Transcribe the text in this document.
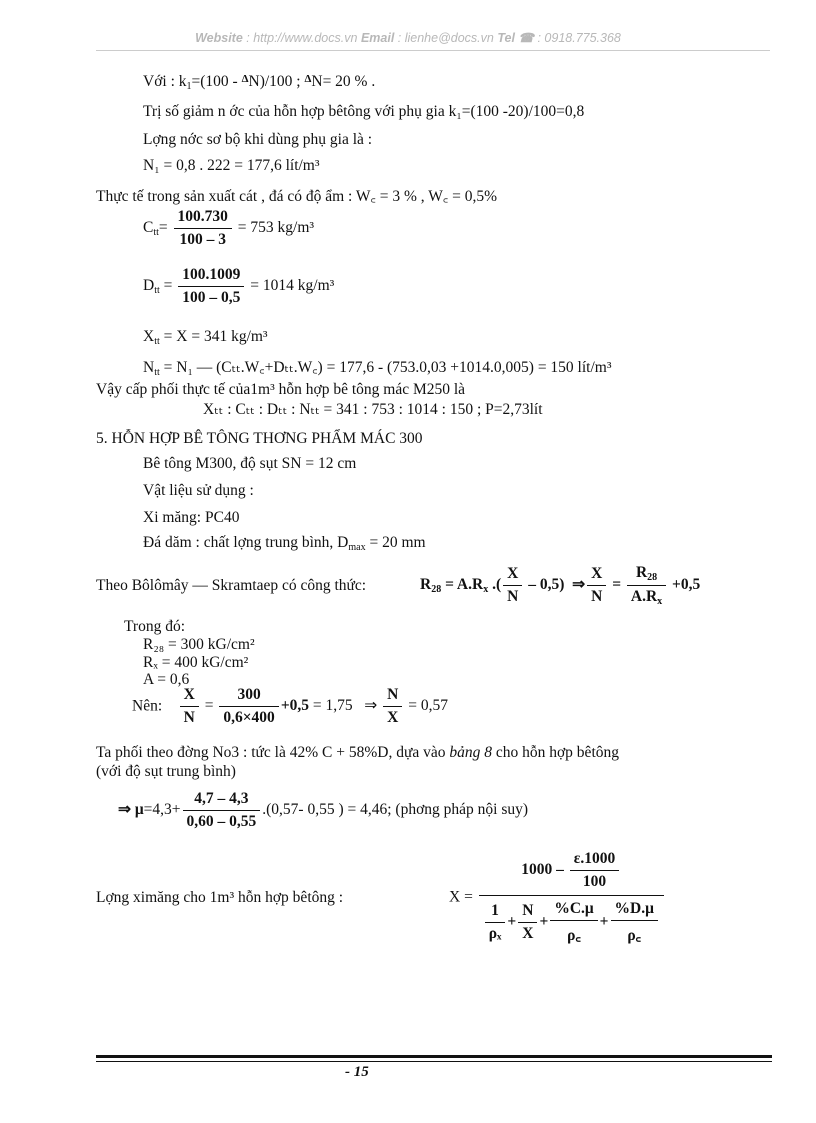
Website : http://www.docs.vn Email : lienhe@docs.vn Tel ☎ : 0918.775.368
Với : $k_1=(100 - ^\Delta N)/100$ ; $^\Delta$N= 20 % .
Trị số giảm n ớc của hỗn hợp bêtông với phụ gia k₁=(100 -20)/100=0,8
Lợng nớc sơ bộ khi dùng phụ gia là :
N₁ = 0,8 . 222 = 177,6 lít/m³
Thực tế trong sản xuất cát , đá có độ ẩm : W꜀ = 3 % , W꜀ = 0,5%
$C_{tt}= \frac{100.730}{100 - 3} = 753$ kg/m³
$D_{tt} = \frac{100.1009}{100 - 0,5} = 1014$ kg/m³
$X_{tt} = X = 341$ kg/m³
$N_{tt} = N_1$ — (Cₜₜ.W꜀+Dₜₜ.W꜀) = 177,6 - (753.0,03 +1014.0,005) = 150 lít/m³
Vậy cấp phối thực tế của1m³ hỗn hợp bê tông mác M250 là
Xₜₜ : Cₜₜ : Dₜₜ : Nₜₜ = 341 : 753 : 1014 : 150 ; P=2,73lít
5. HỖN HỢP BÊ TÔNG THƠNG PHẨM MÁC 300
Bê tông M300, độ sụt SN = 12 cm
Vật liệu sử dụng :
Xi măng: PC40
Đá dăm : chất lợng trung bình, $D_{max} = 20$ mm
Theo Bôlômây — Skramtaep có công thức:	$R_{28} = A.R_x$ .( $\frac{X}{N} - 0,5$)  ⇒ $\frac{X}{N} = \frac{R_{28}}{A.R_x} +0,5$
Trong đó:
R₂₈ = 300 kG/cm²
Rₓ = 400 kG/cm²
A = 0,6
Nên: $\frac{X}{N} = \frac{300}{0,6\times 400} +0,5 = 1,75$   ⇒ $\frac{N}{X} = 0,57$
Ta phối theo đờng No3 : tức là 42% C + 58%D, dựa vào bảng 8 cho hỗn hợp bêtông
(với độ sụt trung bình)
⇒ $\mu=4,3+ \frac{4,7 - 4,3}{0,60 - 0,55} .(0,57-$ 0,55 ) = 4,46; (phơng pháp nội suy)
Lợng ximăng cho 1m³ hỗn hợp bêtông :	$X = \frac{1000 - \frac{\varepsilon.1000}{100}}{\frac{1}{\text{ρₓ}} + \frac{N}{X} + \frac{\%C.\mu}{\rho꜀} + \frac{\%D.\mu}{\rho꜀}}$
- 15
